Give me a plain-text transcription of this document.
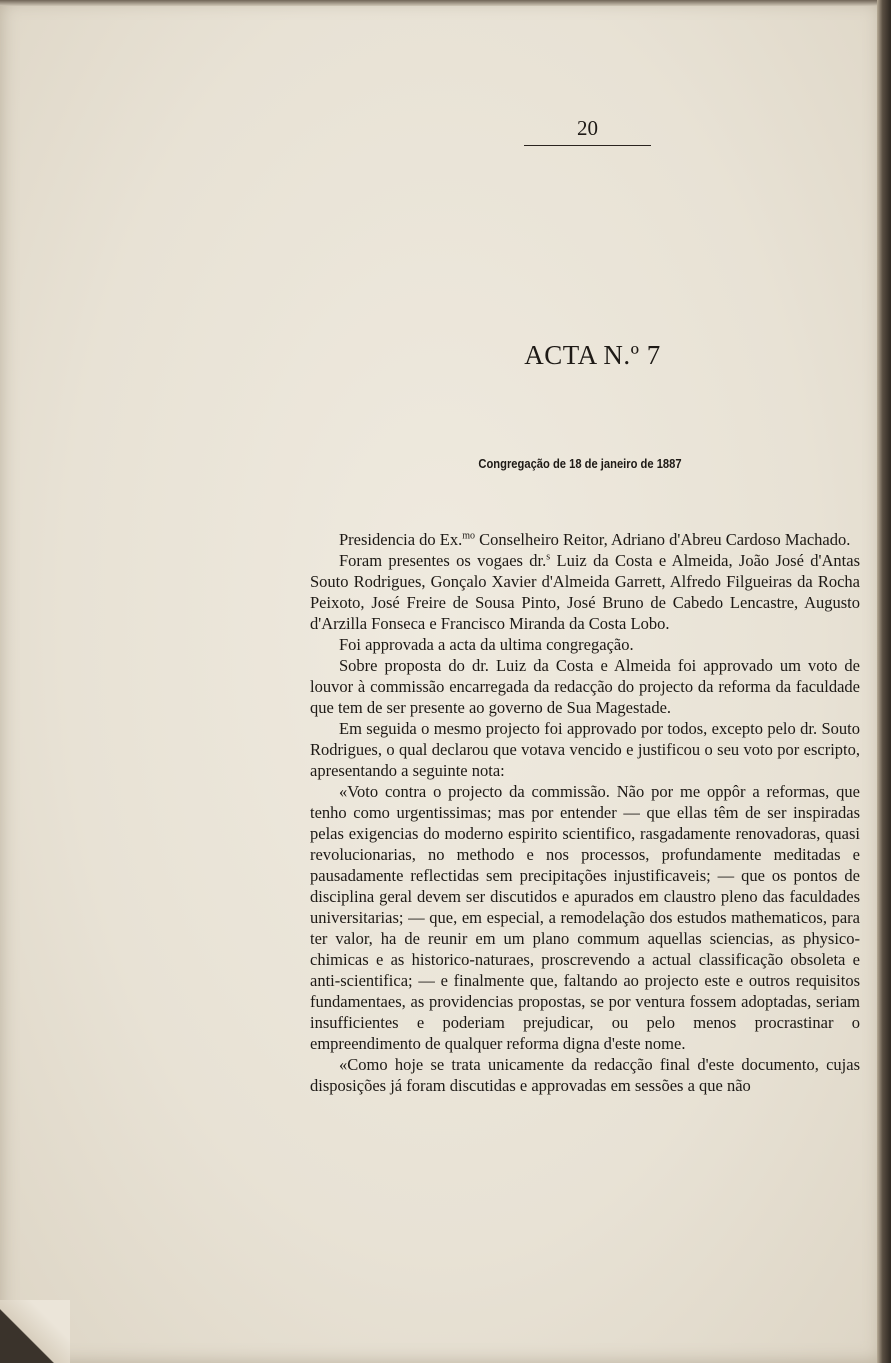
20
ACTA N.º 7
Congregação de 18 de janeiro de 1887

Presidencia do Ex.$^{mo}$ Conselheiro Reitor, Adriano d'Abreu Cardoso Machado.

Foram presentes os vogaes dr.$^s$ Luiz da Costa e Almeida, João José d'Antas Souto Rodrigues, Gonçalo Xavier d'Almeida Garrett, Alfredo Filgueiras da Rocha Peixoto, José Freire de Sousa Pinto, José Bruno de Cabedo Lencastre, Augusto d'Arzilla Fonseca e Francisco Miranda da Costa Lobo.

Foi approvada a acta da ultima congregação.

Sobre proposta do dr. Luiz da Costa e Almeida foi approvado um voto de louvor à commissão encarregada da redacção do projecto da reforma da faculdade que tem de ser presente ao governo de Sua Magestade.

Em seguida o mesmo projecto foi approvado por todos, excepto pelo dr. Souto Rodrigues, o qual declarou que votava vencido e justificou o seu voto por escripto, apresentando a seguinte nota:

«Voto contra o projecto da commissão. Não por me oppôr a reformas, que tenho como urgentissimas; mas por entender — que ellas têm de ser inspiradas pelas exigencias do moderno espirito scientifico, rasgadamente renovadoras, quasi revolucionarias, no methodo e nos processos, profundamente meditadas e pausadamente reflectidas sem precipitações injustificaveis; — que os pontos de disciplina geral devem ser discutidos e apurados em claustro pleno das faculdades universitarias; — que, em especial, a remodelação dos estudos mathematicos, para ter valor, ha de reunir em um plano commum aquellas sciencias, as physico-chimicas e as historico-naturaes, proscrevendo a actual classificação obsoleta e anti-scientifica; — e finalmente que, faltando ao projecto este e outros requisitos fundamentaes, as providencias propostas, se por ventura fossem adoptadas, seriam insufficientes e poderiam prejudicar, ou pelo menos procrastinar o empreendimento de qualquer reforma digna d'este nome.

«Como hoje se trata unicamente da redacção final d'este documento, cujas disposições já foram discutidas e approvadas em sessões a que não
